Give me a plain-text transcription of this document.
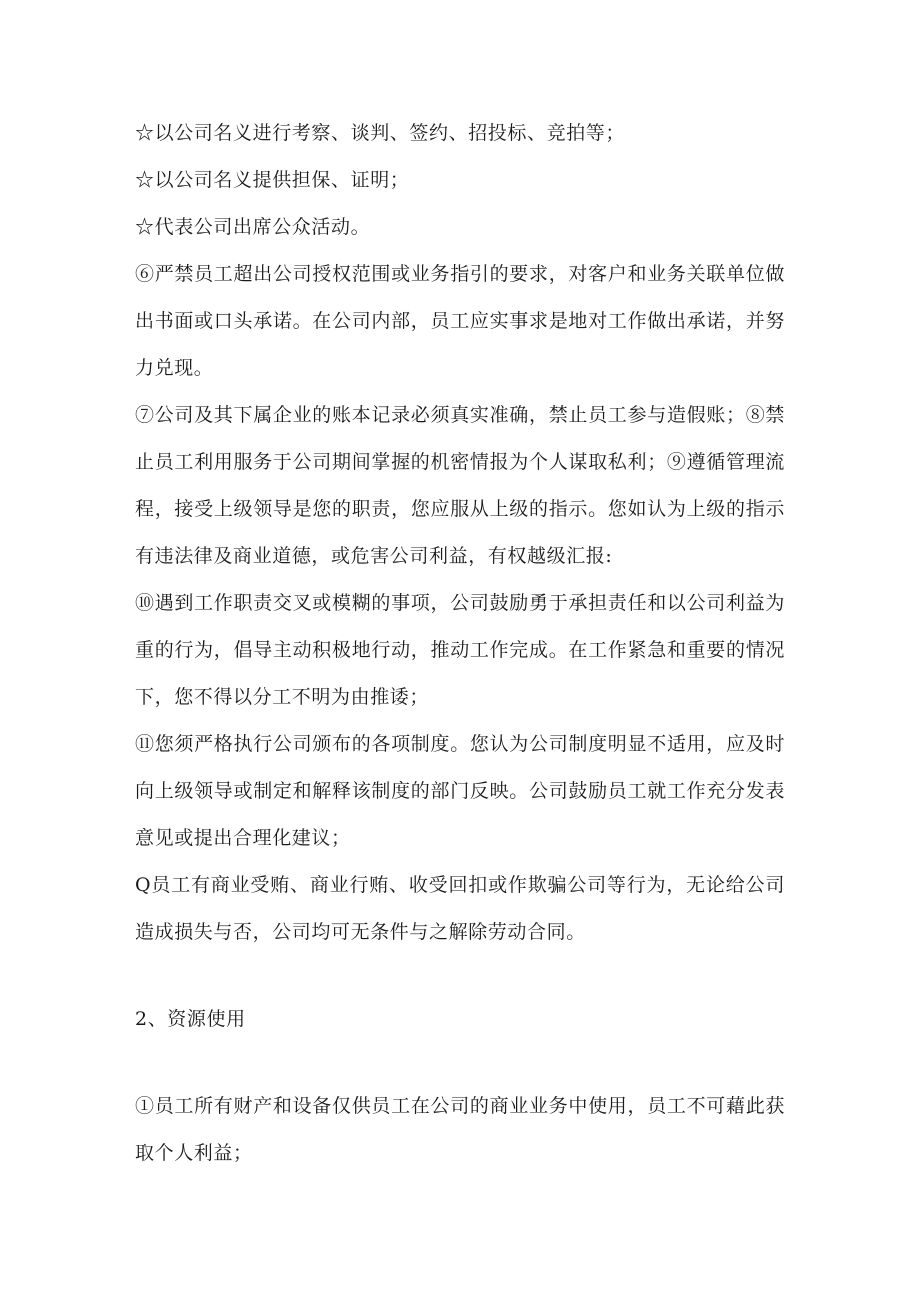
☆以公司名义进行考察、谈判、签约、招投标、竞拍等；

☆以公司名义提供担保、证明；

☆代表公司出席公众活动。

⑥严禁员工超出公司授权范围或业务指引的要求，对客户和业务关联单位做出书面或口头承诺。在公司内部，员工应实事求是地对工作做出承诺，并努力兑现。

⑦公司及其下属企业的账本记录必须真实准确，禁止员工参与造假账；⑧禁止员工利用服务于公司期间掌握的机密情报为个人谋取私利；⑨遵循管理流程，接受上级领导是您的职责，您应服从上级的指示。您如认为上级的指示有违法律及商业道德，或危害公司利益，有权越级汇报:

⑩遇到工作职责交叉或模糊的事项，公司鼓励勇于承担责任和以公司利益为重的行为，倡导主动积极地行动，推动工作完成。在工作紧急和重要的情况下，您不得以分工不明为由推诿；

⑪您须严格执行公司颁布的各项制度。您认为公司制度明显不适用，应及时向上级领导或制定和解释该制度的部门反映。公司鼓励员工就工作充分发表意见或提出合理化建议；

Q员工有商业受贿、商业行贿、收受回扣或作欺骗公司等行为，无论给公司造成损失与否，公司均可无条件与之解除劳动合同。

2、资源使用

①员工所有财产和设备仅供员工在公司的商业业务中使用，员工不可藉此获取个人利益；
